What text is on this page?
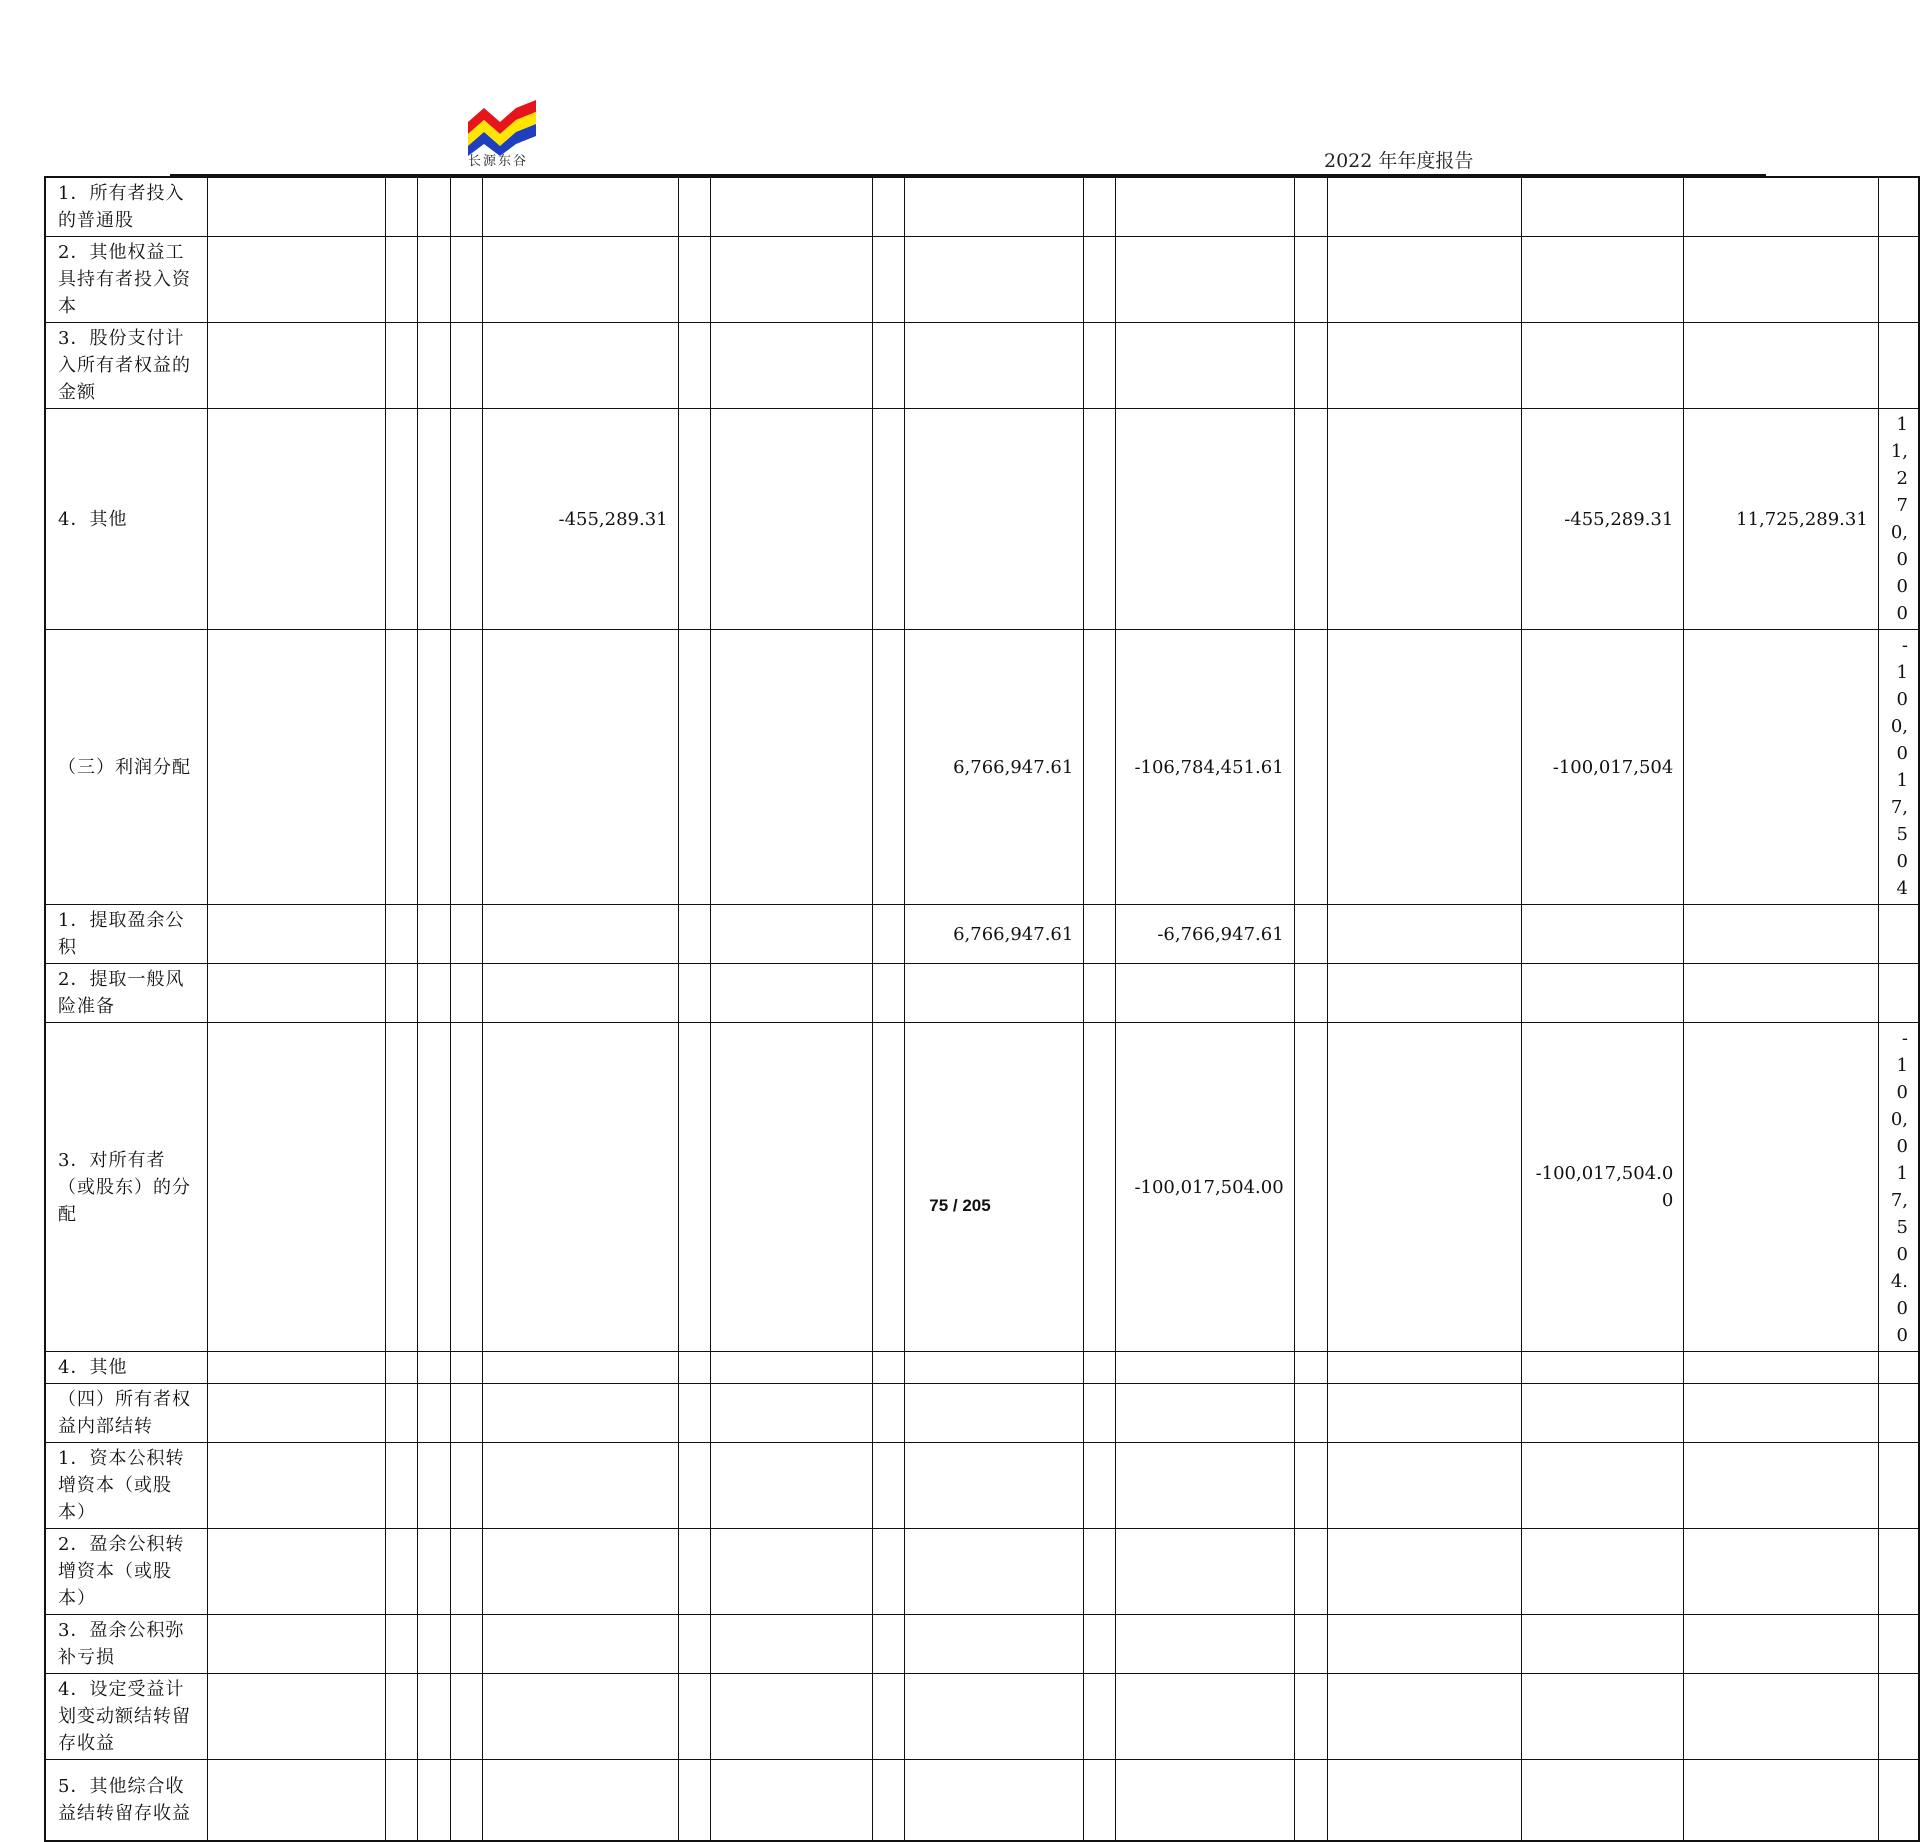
长源东谷	2022 年年度报告
1．所有者投入的普通股																
2．其他权益工具持有者投入资本																
3．股份支付计入所有者权益的金额																
4．其他					-455,289.31									-455,289.31	11,725,289.31	11,270,000
（三）利润分配									6,766,947.61		-106,784,451.61			-100,017,504		-100,017,504
1．提取盈余公积									6,766,947.61		-6,766,947.61					
2．提取一般风险准备																
3．对所有者（或股东）的分配											-100,017,504.00			-100,017,504.00		-100,017,504.00
4．其他																
（四）所有者权益内部结转																
1．资本公积转增资本（或股本）																
2．盈余公积转增资本（或股本）																
3．盈余公积弥补亏损																
4．设定受益计划变动额结转留存收益																
5．其他综合收益结转留存收益																
75 / 205
